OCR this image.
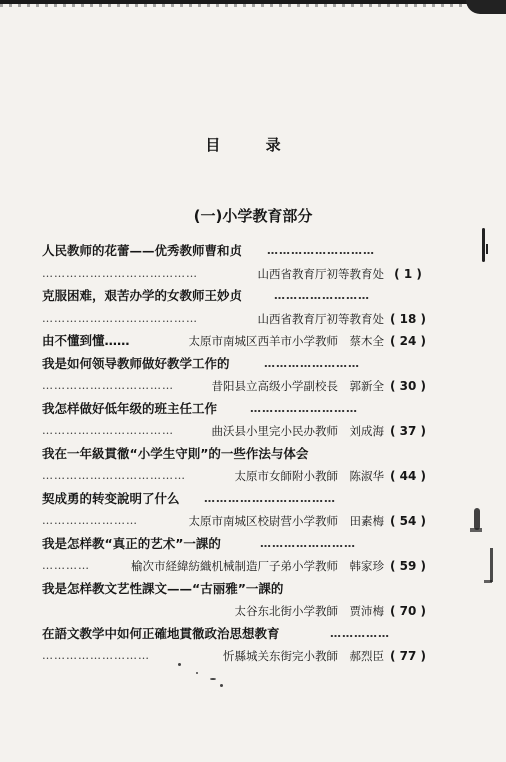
目 录
(一)小学教育部分
人民教师的花蕾——优秀教师曹和贞 ………………………
…………………………………	山西省教育厅初等教育处 ( 1 )
克服困难，艰苦办学的女教师王妙贞	……………………
…………………………………	山西省教育厅初等教育处 ( 18 )
由不懂到懂……	太原市南城区西羊市小学教师　蔡木全 ( 24 )
我是如何领导教师做好教学工作的	……………………
……………………………	昔阳县立高级小学副校長　郭新全 ( 30 )
我怎样做好低年级的班主任工作	………………………
……………………………	曲沃县小里完小民办教师　刘成海 ( 37 )
我在一年級貫徹“小学生守則”的一些作法与体会
………………………………	太原市女師附小教師　陈淑华 ( 44 )
契成勇的转变說明了什么 ……………………………
……………………	太原市南城区校尉营小学教师　田素梅 ( 54 )
我是怎样教“真正的艺术”一課的	……………………
…………	榆次市経緯紡織机械制造厂子弟小学教师　韩家珍 ( 59 )
我是怎样教文艺性課文——“古丽雅”一課的
太谷东北街小学教師　贾沛梅 ( 70 )
在語文教学中如何正確地貫徹政治思想教育	……………
………………………	忻縣城关东街完小教師　郝烈臣 ( 77 )
